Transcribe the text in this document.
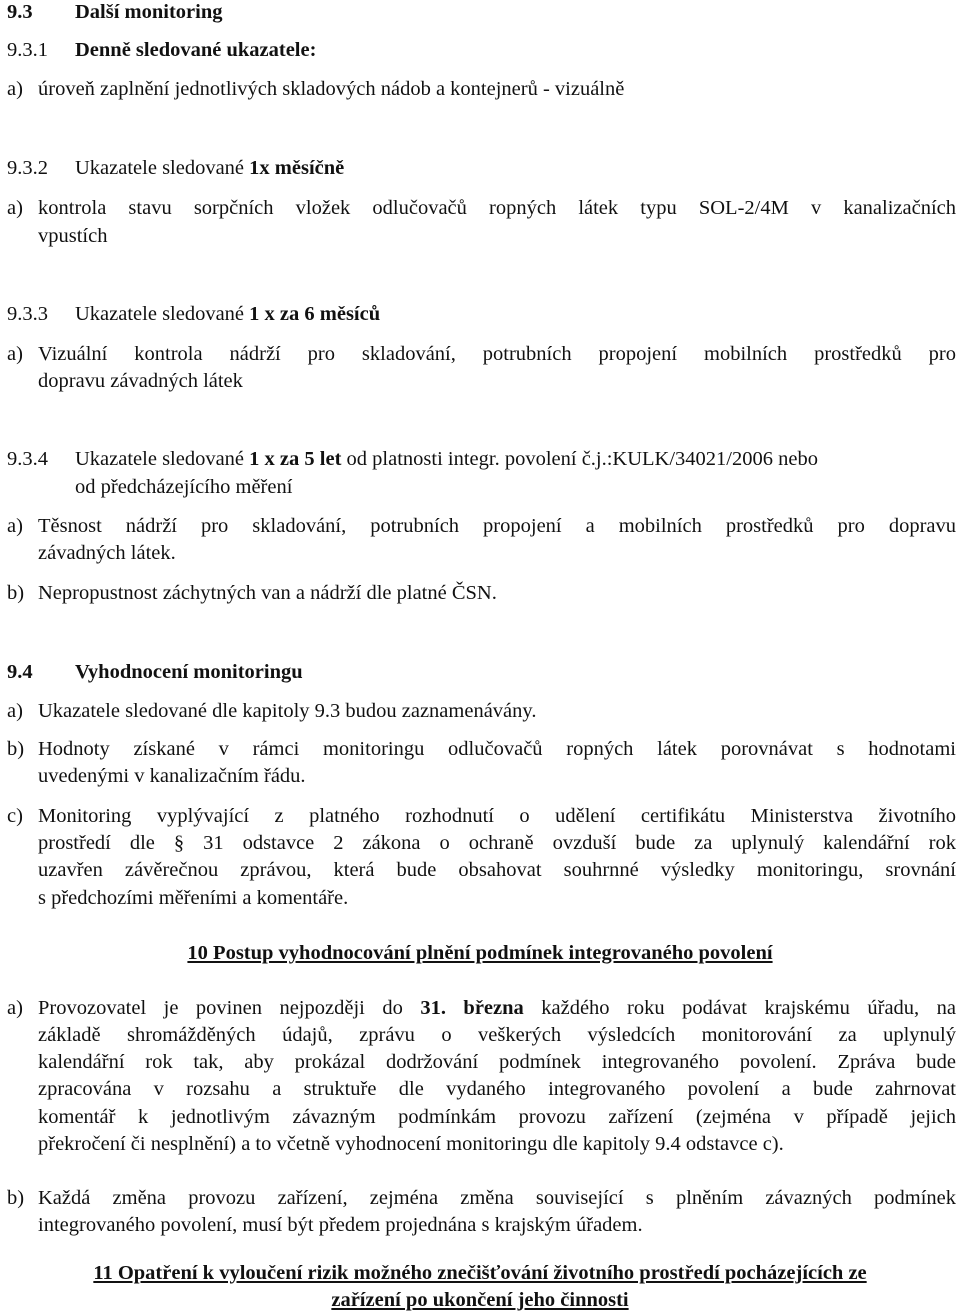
9.3 Další monitoring
9.3.1 Denně sledované ukazatele:
a) úroveň zaplnění jednotlivých skladových nádob a kontejnerů - vizuálně
9.3.2 Ukazatele sledované 1x měsíčně
a) kontrola stavu sorpčních vložek odlučovačů ropných látek typu SOL-2/4M v kanalizačních
vpustích
9.3.3 Ukazatele sledované 1 x za 6 měsíců
a) Vizuální kontrola nádrží pro skladování, potrubních propojení mobilních prostředků pro
dopravu závadných látek
9.3.4 Ukazatele sledované 1 x za 5 let od platnosti integr. povolení č.j.:KULK/34021/2006 nebo
od předcházejícího měření
a) Těsnost nádrží pro skladování, potrubních propojení a mobilních prostředků pro dopravu
závadných látek.
b) Nepropustnost záchytných van a nádrží dle platné ČSN.
9.4 Vyhodnocení monitoringu
a) Ukazatele sledované dle kapitoly 9.3 budou zaznamenávány.
b) Hodnoty získané v rámci monitoringu odlučovačů ropných látek porovnávat s hodnotami
uvedenými v kanalizačním řádu.
c) Monitoring vyplývající z platného rozhodnutí o udělení certifikátu Ministerstva životního
prostředí dle § 31 odstavce 2 zákona o ochraně ovzduší bude za uplynulý kalendářní rok
uzavřen závěrečnou zprávou, která bude obsahovat souhrnné výsledky monitoringu, srovnání
s předchozími měřeními a komentáře.
10 Postup vyhodnocování plnění podmínek integrovaného povolení
a) Provozovatel je povinen nejpozději do 31. března každého roku podávat krajskému úřadu, na
základě shromážděných údajů, zprávu o veškerých výsledcích monitorování za uplynulý
kalendářní rok tak, aby prokázal dodržování podmínek integrovaného povolení. Zpráva bude
zpracována v rozsahu a struktuře dle vydaného integrovaného povolení a bude zahrnovat
komentář k jednotlivým závazným podmínkám provozu zařízení (zejména v případě jejich
překročení či nesplnění) a to včetně vyhodnocení monitoringu dle kapitoly 9.4 odstavce c).
b) Každá změna provozu zařízení, zejména změna související s plněním závazných podmínek
integrovaného povolení, musí být předem projednána s krajským úřadem.
11 Opatření k vyloučení rizik možného znečišťování životního prostředí pocházejících ze
zařízení po ukončení jeho činnosti
